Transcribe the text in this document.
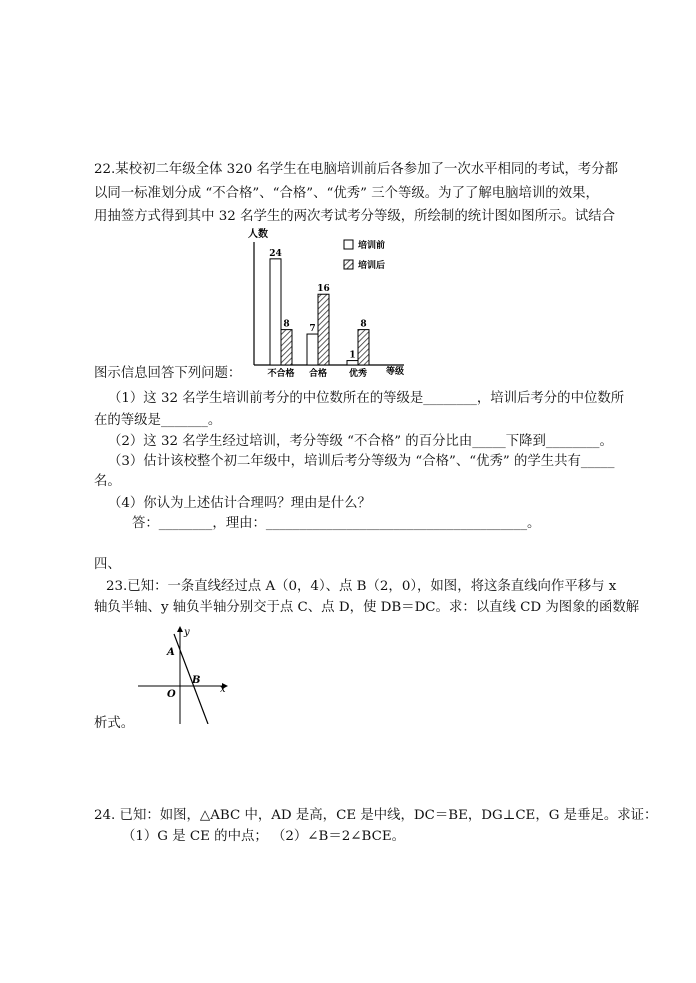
22.某校初二年级全体 320 名学生在电脑培训前后各参加了一次水平相同的考试，考分都
以同一标准划分成 “不合格”、“合格”、“优秀” 三个等级。为了了解电脑培训的效果，
用抽签方式得到其中 32 名学生的两次考试考分等级，所绘制的统计图如图所示。试结合
人数
等级
24
8 7
16
1
8
不合格 合格 优秀
培训前
培训后
图示信息回答下列问题：
（1）这 32 名学生培训前考分的中位数所在的等级是________，培训后考分的中位数所
在的等级是_______。
（2）这 32 名学生经过培训，考分等级 “不合格” 的百分比由_____下降到________。
（3）估计该校整个初二年级中，培训后考分等级为 “合格”、“优秀” 的学生共有_____
名。
（4）你认为上述估计合理吗？理由是什么？
答：________，理由：_______________________________________。
四、
23.已知：一条直线经过点 A（0，4）、点 B（2，0），如图，将这条直线向作平移与 x
轴负半轴、y 轴负半轴分别交于点 C、点 D，使 DB＝DC。求：以直线 CD 为图象的函数解
y
x
A
B
O
析式。
24. 已知：如图，△ABC 中，AD 是高，CE 是中线，DC＝BE，DG⊥CE，G 是垂足。求证：
（1）G 是 CE 的中点； （2）∠B＝2∠BCE。
